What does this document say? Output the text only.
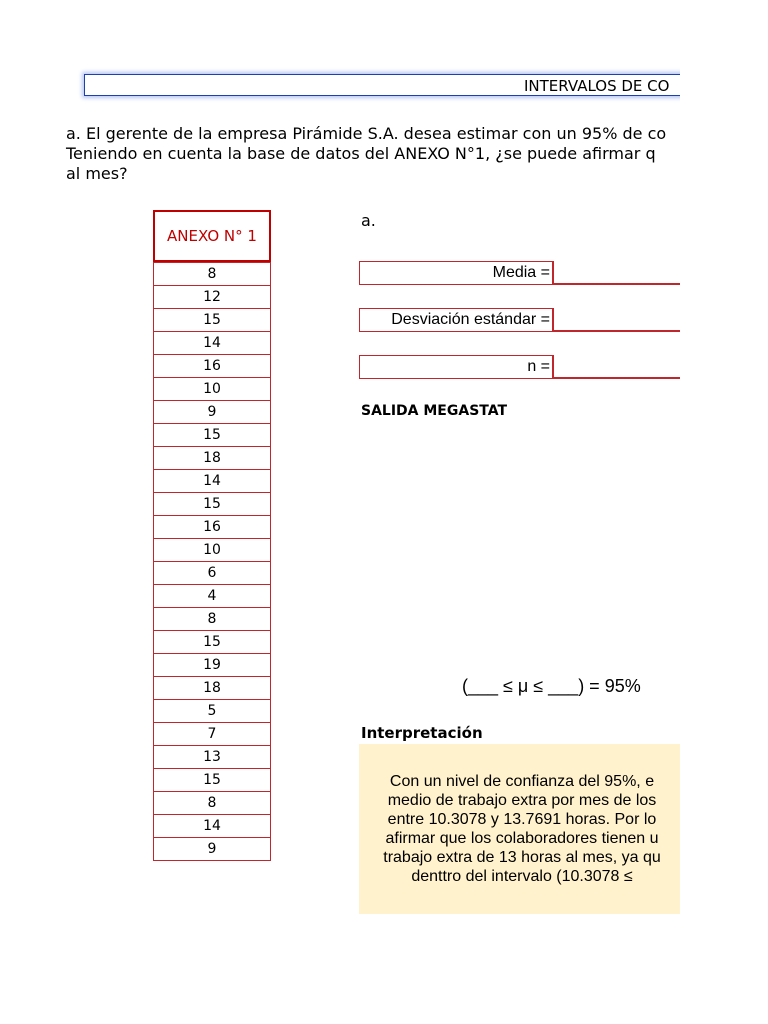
INTERVALOS DE CO
a. El gerente de la empresa Pirámide S.A. desea estimar con un 95% de co
Teniendo en cuenta la base de datos del ANEXO N°1, ¿se puede afirmar q
al mes?
ANEXO N° 1
8
12
15
14
16
10
9
15
18
14
15
16
10
6
4
8
15
19
18
5
7
13
15
8
14
9
a.
Media =
Desviación estándar =
n =
SALIDA MEGASTAT
(___ ≤ μ ≤ ___) = 95%
Interpretación
Con un nivel de confianza del 95%, e
medio de trabajo extra por mes de los
entre 10.3078 y 13.7691 horas. Por lo
afirmar que los colaboradores tienen u
trabajo extra de 13 horas al mes, ya qu
denttro del intervalo (10.3078 ≤
